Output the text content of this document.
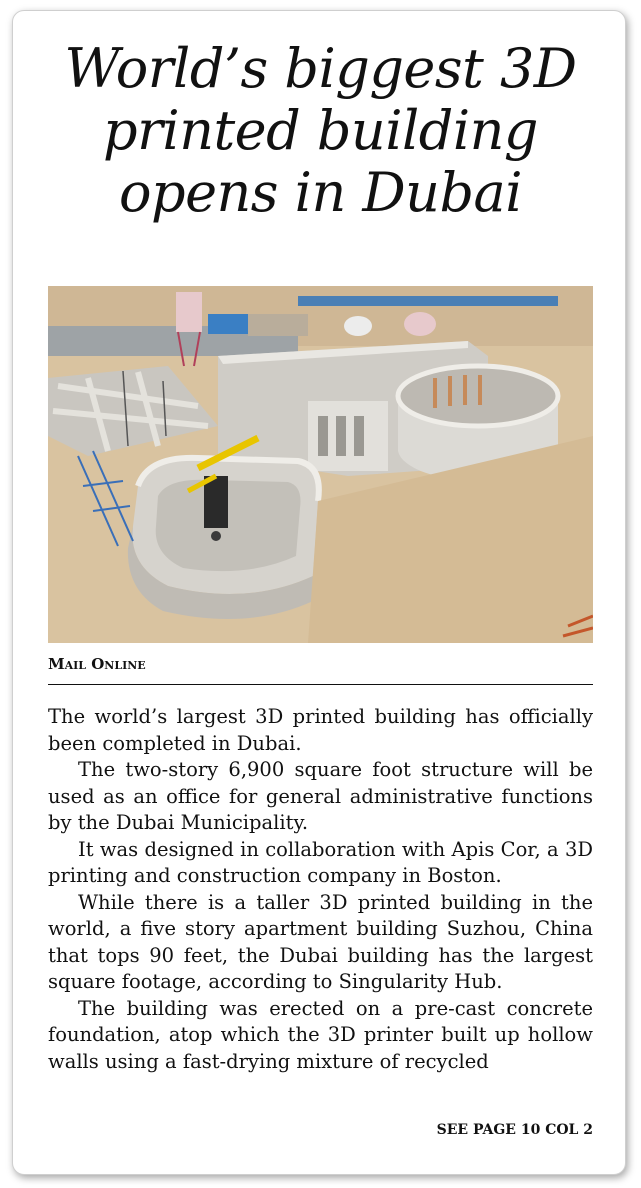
World’s biggest 3D
printed building
opens in Dubai
Mail Online

The world’s largest 3D printed building has officially been completed in Dubai.

The two-story 6,900 square foot structure will be used as an office for general administrative functions by the Dubai Municipality.

It was designed in collaboration with Apis Cor, a 3D printing and construction company in Boston.

While there is a taller 3D printed building in the world, a five story apartment building Suzhou, China that tops 90 feet, the Dubai building has the largest square footage, according to Singularity Hub.

The building was erected on a pre-cast concrete foundation, atop which the 3D printer built up hollow walls using a fast-drying mixture of recycled

SEE PAGE 10 COL 2
